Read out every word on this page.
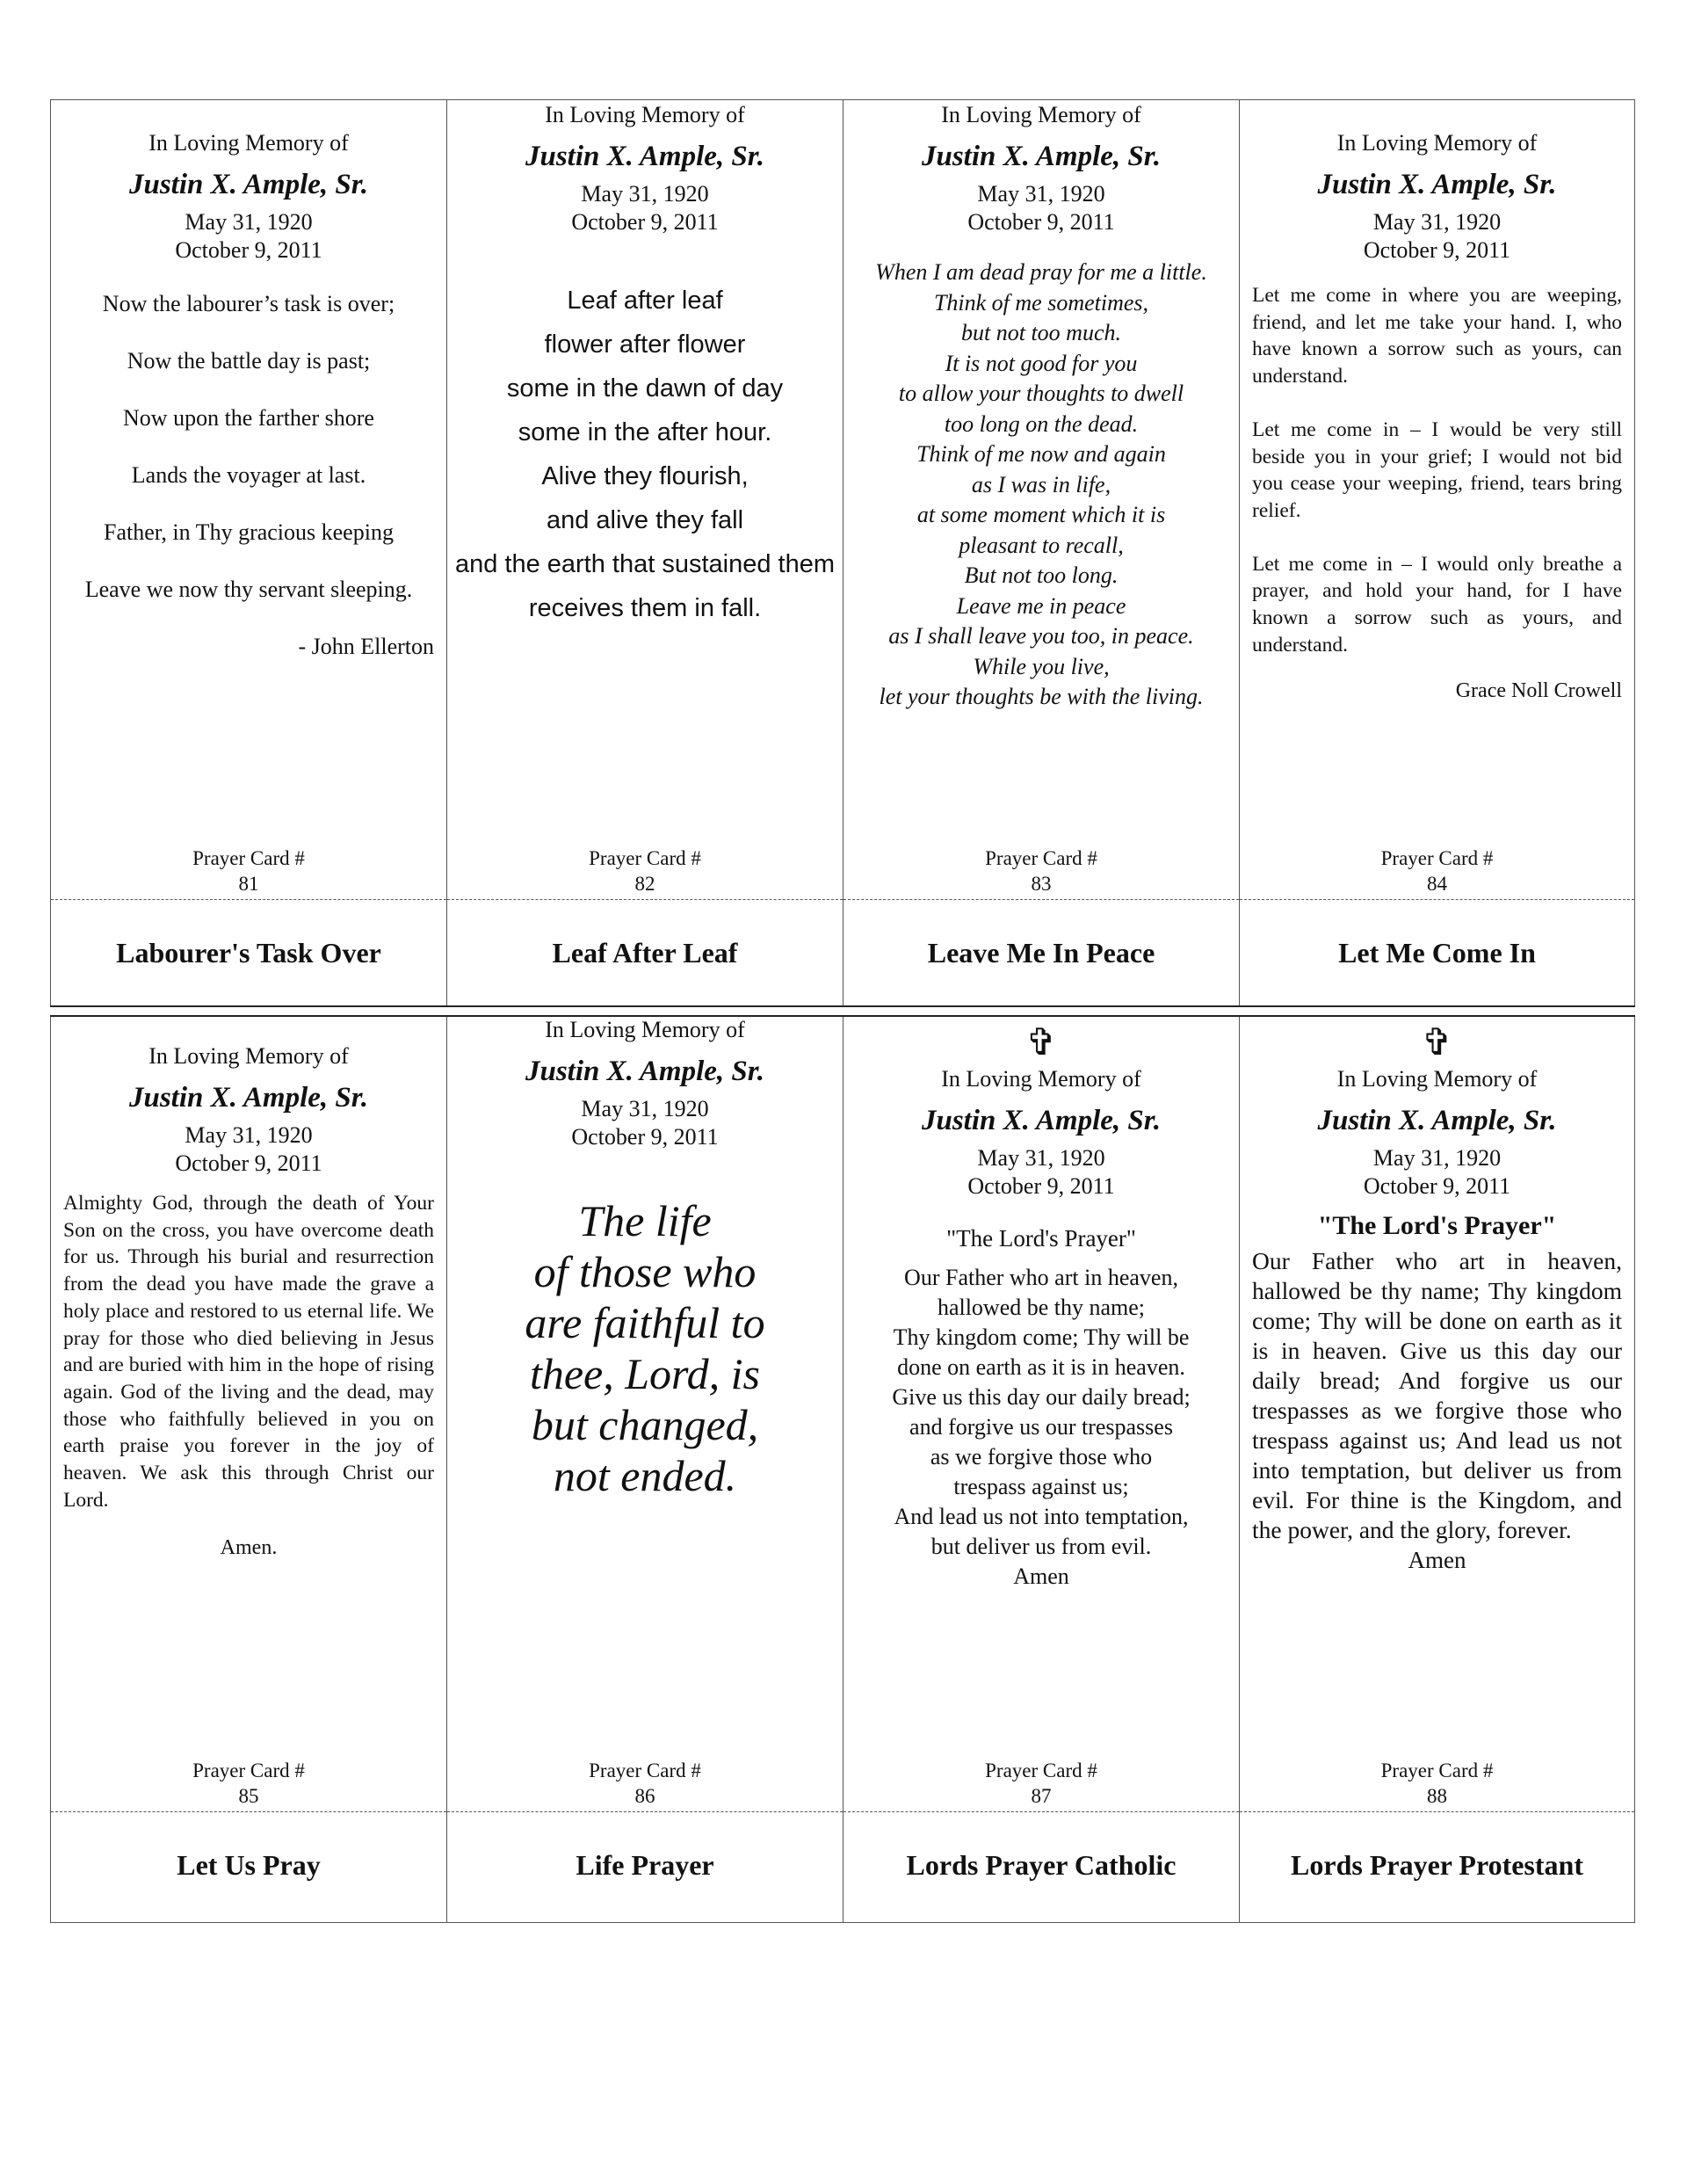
In Loving Memory of

Justin X. Ample, Sr.

May 31, 1920
October 9, 2011

Now the labourer’s task is over;

Now the battle day is past;

Now upon the farther shore

Lands the voyager at last.

Father, in Thy gracious keeping

Leave we now thy servant sleeping.

- John Ellerton

Prayer Card #
81
Labourer's Task Over

In Loving Memory of

Justin X. Ample, Sr.

May 31, 1920
October 9, 2011

Leaf after leaf

flower after flower

some in the dawn of day

some in the after hour.

Alive they flourish,

and alive they fall

and the earth that sustained them

receives them in fall.

Prayer Card #
82
Leaf After Leaf

In Loving Memory of

Justin X. Ample, Sr.

May 31, 1920
October 9, 2011

When I am dead pray for me a little.

Think of me sometimes,

but not too much.

It is not good for you

to allow your thoughts to dwell

too long on the dead.

Think of me now and again

as I was in life,

at some moment which it is

pleasant to recall,

But not too long.

Leave me in peace

as I shall leave you too, in peace.

While you live,

let your thoughts be with the living.

Prayer Card #
83
Leave Me In Peace

In Loving Memory of

Justin X. Ample, Sr.

May 31, 1920
October 9, 2011

Let me come in where you are weeping, friend, and let me take your hand. I, who have known a sorrow such as yours, can understand.

Let me come in – I would be very still beside you in your grief; I would not bid you cease your weeping, friend, tears bring relief.

Let me come in – I would only breathe a prayer, and hold your hand, for I have known a sorrow such as yours, and understand.

Grace Noll Crowell
Prayer Card #
84
Let Me Come In

In Loving Memory of

Justin X. Ample, Sr.

May 31, 1920
October 9, 2011

Almighty God, through the death of Your Son on the cross, you have overcome death for us. Through his burial and resurrection from the dead you have made the grave a holy place and restored to us eternal life. We pray for those who died believing in Jesus and are buried with him in the hope of rising again. God of the living and the dead, may those who faithfully believed in you on earth praise you forever in the joy of heaven. We ask this through Christ our Lord.

Amen.
Prayer Card #
85
Let Us Pray

In Loving Memory of

Justin X. Ample, Sr.

May 31, 1920
October 9, 2011

The life

of those who

are faithful to

thee, Lord, is

but changed,

not ended.

Prayer Card #
86
Life Prayer
✞

In Loving Memory of

Justin X. Ample, Sr.

May 31, 1920
October 9, 2011

"The Lord's Prayer"

Our Father who art in heaven,

hallowed be thy name;

Thy kingdom come; Thy will be

done on earth as it is in heaven.

Give us this day our daily bread;

and forgive us our trespasses

as we forgive those who

trespass against us;

And lead us not into temptation,

but deliver us from evil.

Amen

Prayer Card #
87
Lords Prayer Catholic
✞

In Loving Memory of

Justin X. Ample, Sr.

May 31, 1920
October 9, 2011

"The Lord's Prayer"

Our Father who art in heaven, hallowed be thy name; Thy kingdom come; Thy will be done on earth as it is in heaven. Give us this day our daily bread; And forgive us our trespasses as we forgive those who trespass against us; And lead us not into temptation, but deliver us from evil. For thine is the Kingdom, and the power, and the glory, forever.
Amen
Prayer Card #
88
Lords Prayer Protestant
